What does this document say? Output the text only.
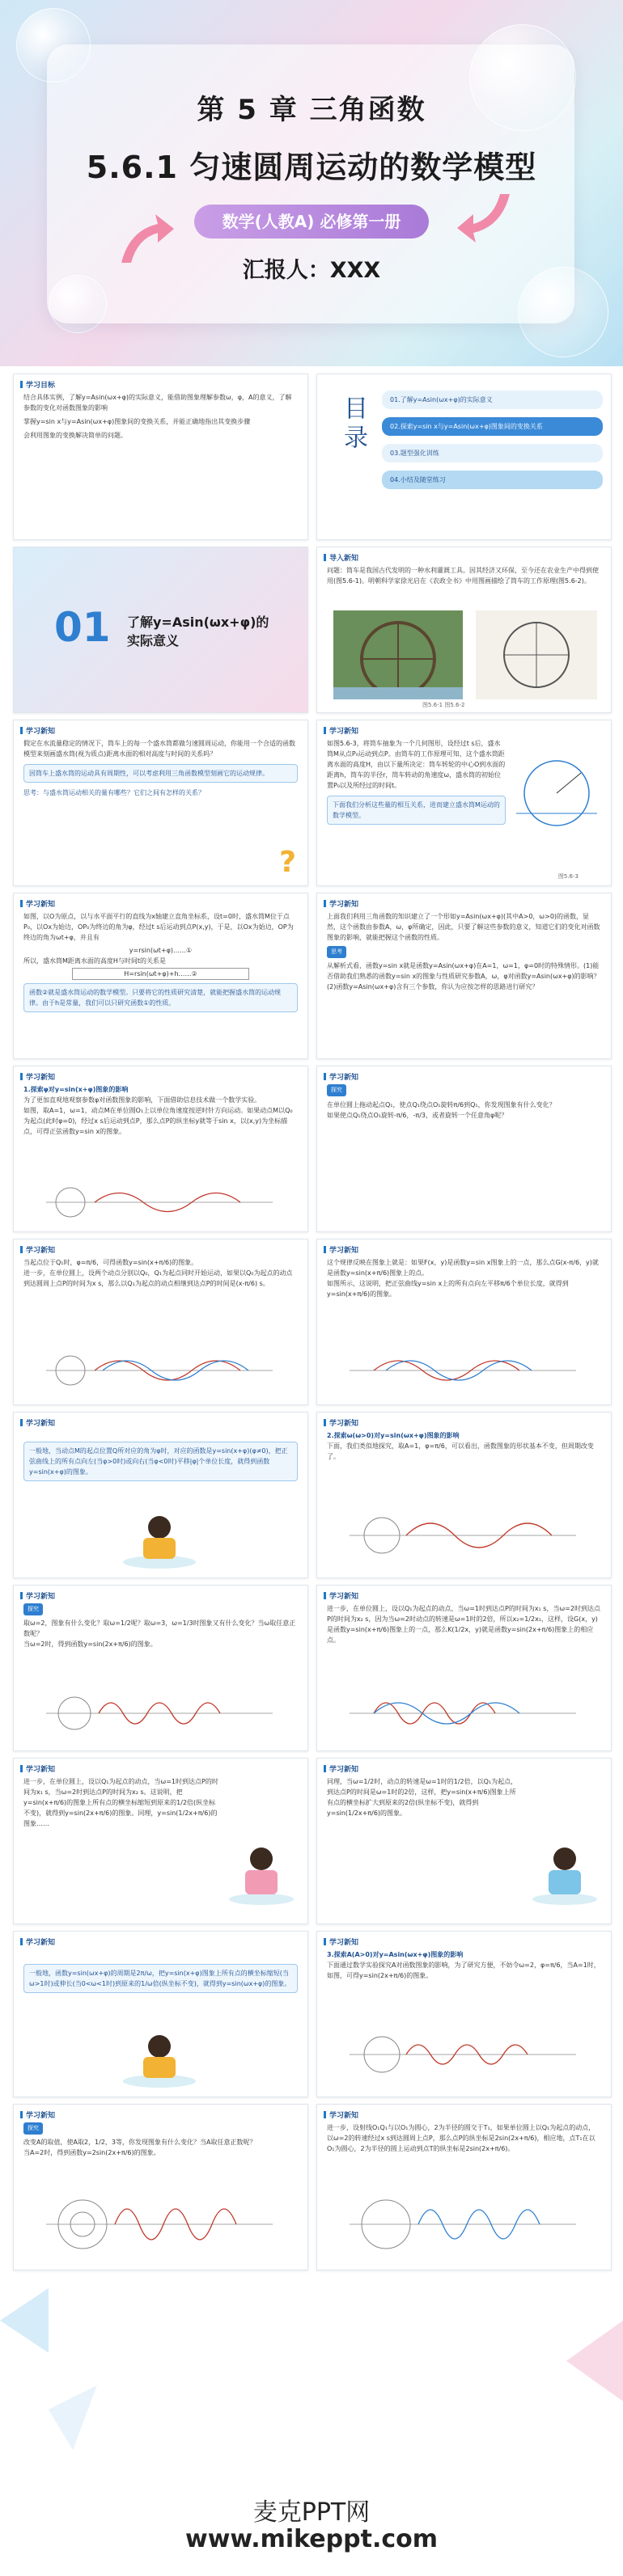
第 5 章 三角函数
5.6.1 匀速圆周运动的数学模型
数学(人教A) 必修第一册
汇报人：XXX
学习目标
结合具体实例，了解y=Asin(ωx+φ)的实际意义，能借助图象理解参数ω，φ，A的意义，了解参数的变化对函数图象的影响
掌握y=sin x与y=Asin(ωx+φ)图象间的变换关系，并能正确地指出其变换步骤
会利用图象的变换解决简单的问题。	目录	01.了解y=Asin(ωx+φ)的实际意义
02.探索y=sin x与y=Asin(ωx+φ)图象间的变换关系
03.题型强化训练
04.小结及随堂练习
01 了解y=Asin(ωx+φ)的实际意义
导入新知
问题：筒车是我国古代发明的一种水利灌溉工具。因其经济又环保，至今还在农业生产中得到使用(图5.6-1)。明朝科学家徐光启在《农政全书》中用图画描绘了筒车的工作原理(图5.6-2)。
图5.6-1 图5.6-2
学习新知
假定在水流量稳定的情况下，筒车上的每一个盛水筒都做匀速圆周运动，你能用一个合适的函数模型来刻画盛水筒(视为质点)距离水面的相对高度与时间的关系吗？
因筒车上盛水筒的运动具有周期性，可以考虑利用三角函数模型刻画它的运动规律。
思考：与盛水筒运动相关的量有哪些？它们之间有怎样的关系？
?
学习新知
如图5.6-3，将筒车抽象为一个几何图形，设经过t s后，盛水筒M从点P₀运动到点P。由筒车的工作原理可知，这个盛水筒距离水面的高度H，由以下量所决定：筒车转轮的中心O到水面的距离h，筒车的半径r，筒车转动的角速度ω，盛水筒的初始位置P₀以及所经过的时间t。
下面我们分析这些量的相互关系，进而建立盛水筒M运动的数学模型。
图5.6-3
学习新知
如图，以O为原点，以与水平面平行的直线为x轴建立直角坐标系，设t=0时，盛水筒M位于点P₀，以Ox为始边，OP₀为终边的角为φ，经过t s后运动到点P(x,y)，于是，以Ox为始边，OP为终边的角为ωt+φ，并且有
y=rsin(ωt+φ)……①
所以，盛水筒M距离水面的高度H与时间t的关系是
H=rsin(ωt+φ)+h……②
函数②就是盛水筒运动的数学模型。只要将它的性质研究清楚，就能把握盛水筒的运动规律。由于h是常量，我们可以只研究函数①的性质。
学习新知
上面我们利用三角函数的知识建立了一个形如y=Asin(ωx+φ)(其中A>0，ω>0)的函数，显然，这个函数由参数A，ω，φ所确定，因此，只要了解这些参数的意义，知道它们的变化对函数图象的影响，就能把握这个函数的性质。
思考
从解析式看，函数y=sin x就是函数y=Asin(ωx+φ)在A=1，ω=1，φ=0时的特殊情形。(1)能否借助我们熟悉的函数y=sin x的图象与性质研究参数A，ω，φ对函数y=Asin(ωx+φ)的影响？(2)函数y=Asin(ωx+φ)含有三个参数，你认为应按怎样的思路进行研究？
学习新知
1.探索φ对y=sin(x+φ)图象的影响
为了更加直观地观察参数φ对函数图象的影响，下面借助信息技术做一个数学实验。
如图，取A=1，ω=1，动点M在单位圆O₁上以单位角速度按逆时针方向运动。如果动点M以Q₀为起点(此时φ=0)，经过x s后运动到点P，那么点P的纵坐标y就等于sin x，以(x,y)为坐标描点，可得正弦函数y=sin x的图象。
学习新知
探究
在单位圆上拖动起点Q₁，使点Q₁绕点O₁旋转π/6到Q₁，你发现图象有什么变化？
如果使点Q₁绕点O₁旋转-π/6，-π/3，或者旋转一个任意角φ呢？
学习新知
当起点位于Q₁时，φ=π/6，可得函数y=sin(x+π/6)的图象。
进一步，在单位圆上，设两个动点分别以Q₀，Q₁为起点同时开始运动，如果以Q₀为起点的动点到达圆周上点P的时间为x s，那么以Q₁为起点的动点相继到达点P的时间是(x-π/6) s。
学习新知
这个规律反映在图象上就是：如果F(x，y)是函数y=sin x图象上的一点，那么点G(x-π/6，y)就是函数y=sin(x+π/6)图象上的点。
如图所示，这说明，把正弦曲线y=sin x上的所有点向左平移π/6个单位长度，就得到y=sin(x+π/6)的图象。
学习新知
一般地，当动点M的起点位置Q所对应的角为φ时，对应的函数是y=sin(x+φ)(φ≠0)，把正弦曲线上的所有点向左(当φ>0时)或向右(当φ<0时)平移|φ|个单位长度，就得到函数y=sin(x+φ)的图象。
学习新知
2.探索ω(ω>0)对y=sin(ωx+φ)图象的影响
下面，我们类似地探究，取A=1，φ=π/6，可以看出，函数图象的形状基本不变，但周期改变了。
学习新知
探究
取ω=2，图象有什么变化？取ω=1/2呢？取ω=3，ω=1/3时图象又有什么变化？当ω取任意正数呢？
当ω=2时，得到函数y=sin(2x+π/6)的图象。
学习新知
进一步，在单位圆上，设以Q₁为起点的动点，当ω=1时到达点P的时间为x₁ s，当ω=2时到达点P的时间为x₂ s，因为当ω=2时动点的转速是ω=1时的2倍，所以x₂=1/2x₁，这样，设G(x，y)是函数y=sin(x+π/6)图象上的一点，那么K(1/2x，y)就是函数y=sin(2x+π/6)图象上的相应点。
学习新知
进一步，在单位圆上，设以Q₁为起点的动点，当ω=1时到达点P的时间为x₁ s，当ω=2时到达点P的时间为x₂ s。这说明，把y=sin(x+π/6)的图象上所有点的横坐标缩短到原来的1/2倍(纵坐标不变)，就得到y=sin(2x+π/6)的图象。同理，y=sin(1/2x+π/6)的图象……
学习新知
同理，当ω=1/2时，动点的转速是ω=1时的1/2倍，以Q₁为起点，到达点P的时间是ω=1时的2倍，这样，把y=sin(x+π/6)图象上所有点的横坐标扩大到原来的2倍(纵坐标不变)，就得到y=sin(1/2x+π/6)的图象。
学习新知
一般地，函数y=sin(ωx+φ)的周期是2π/ω，把y=sin(x+φ)图象上所有点的横坐标缩短(当ω>1时)或伸长(当0<ω<1时)到原来的1/ω倍(纵坐标不变)，就得到y=sin(ωx+φ)的图象。
学习新知
3.探索A(A>0)对y=Asin(ωx+φ)图象的影响
下面通过数学实验探究A对函数图象的影响，为了研究方便，不妨令ω=2，φ=π/6，当A=1时，如图，可得y=sin(2x+π/6)的图象。
学习新知
探究
改变A的取值，使A取2，1/2，3等，你发现图象有什么变化？当A取任意正数呢？
当A=2时，得到函数y=2sin(2x+π/6)的图象。
学习新知
进一步，设射线O₁Q₁与以O₁为圆心，2为半径的圆交于T₁，如果单位圆上以Q₁为起点的动点，以ω=2的转速经过x s到达圆周上点P，那么点P的纵坐标是2sin(2x+π/6)，相应地，点T₁在以O₁为圆心，2为半径的圆上运动到点T的纵坐标是2sin(2x+π/6)。
麦克PPT网
www.mikeppt.com
